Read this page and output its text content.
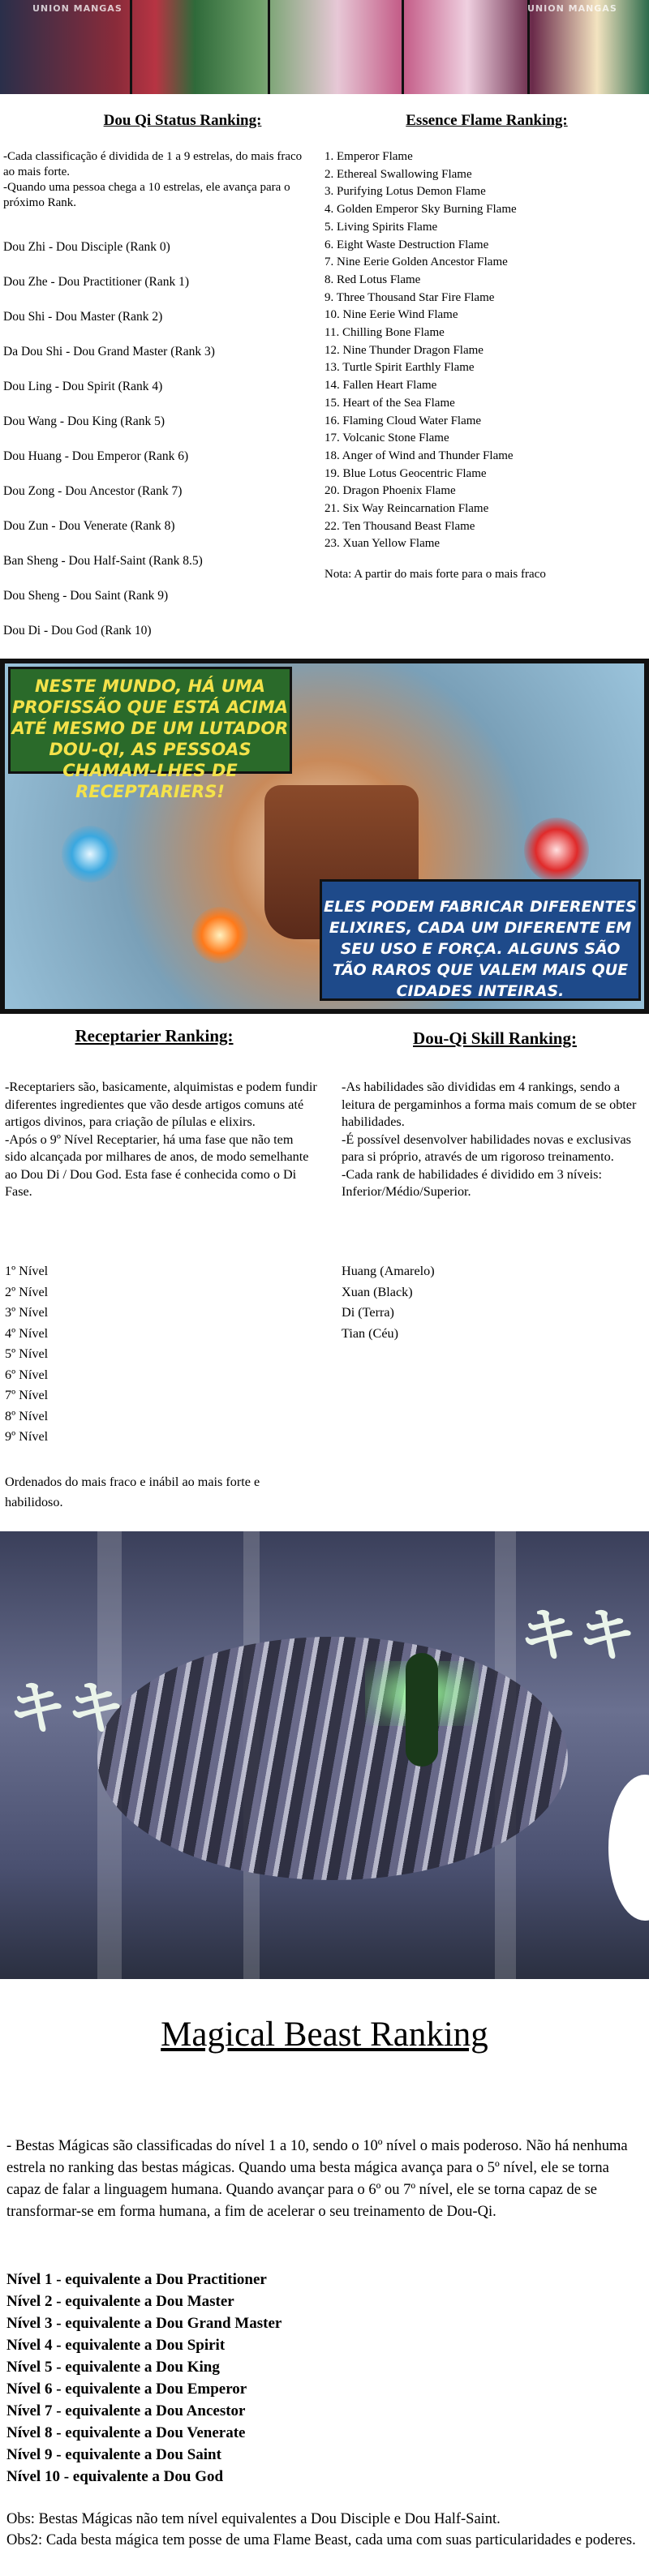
UNION MANGAS	UNION MANGAS
Dou Qi Status Ranking:
-Cada classificação é dividida de 1 a 9 estrelas, do mais fraco ao mais forte.
-Quando uma pessoa chega a 10 estrelas, ele avança para o próximo Rank.
Dou Zhi - Dou Disciple (Rank 0)
Dou Zhe - Dou Practitioner (Rank 1)
Dou Shi - Dou Master (Rank 2)
Da Dou Shi - Dou Grand Master (Rank 3)
Dou Ling - Dou Spirit (Rank 4)
Dou Wang - Dou King (Rank 5)
Dou Huang - Dou Emperor (Rank 6)
Dou Zong - Dou Ancestor (Rank 7)
Dou Zun - Dou Venerate (Rank 8)
Ban Sheng - Dou Half-Saint (Rank 8.5)
Dou Sheng - Dou Saint (Rank 9)
Dou Di - Dou God (Rank 10)
Essence Flame Ranking:
1. Emperor Flame
2. Ethereal Swallowing Flame
3. Purifying Lotus Demon Flame
4. Golden Emperor Sky Burning Flame
5. Living Spirits Flame
6. Eight Waste Destruction Flame
7. Nine Eerie Golden Ancestor Flame
8. Red Lotus Flame
9. Three Thousand Star Fire Flame
10. Nine Eerie Wind Flame
11. Chilling Bone Flame
12. Nine Thunder Dragon Flame
13. Turtle Spirit Earthly Flame
14. Fallen Heart Flame
15. Heart of the Sea Flame
16. Flaming Cloud Water Flame
17. Volcanic Stone Flame
18. Anger of Wind and Thunder Flame
19. Blue Lotus Geocentric Flame
20. Dragon Phoenix Flame
21. Six Way Reincarnation Flame
22. Ten Thousand Beast Flame
23. Xuan Yellow Flame
Nota: A partir do mais forte para o mais fraco
NESTE MUNDO, HÁ UMA PROFISSÃO QUE ESTÁ ACIMA ATÉ MESMO DE UM LUTADOR DOU-QI, AS PESSOAS CHAMAM-LHES DE RECEPTARIERS!
ELES PODEM FABRICAR DIFERENTES ELIXIRES, CADA UM DIFERENTE EM SEU USO E FORÇA. ALGUNS SÃO TÃO RAROS QUE VALEM MAIS QUE CIDADES INTEIRAS.
Receptarier Ranking:
-Receptariers são, basicamente, alquimistas e podem fundir diferentes ingredientes que vão desde artigos comuns até artigos divinos, para criação de pílulas e elixirs.
-Após o 9º Nível Receptarier, há uma fase que não tem sido alcançada por milhares de anos, de modo semelhante ao Dou Di / Dou God. Esta fase é conhecida como o Di Fase.
1º Nível
2º Nível
3º Nível
4º Nível
5º Nível
6º Nível
7º Nível
8º Nível
9º Nível
Ordenados do mais fraco e inábil ao mais forte e habilidoso.
Dou-Qi Skill Ranking:
-As habilidades são divididas em 4 rankings, sendo a leitura de pergaminhos a forma mais comum de se obter habilidades.
-É possível desenvolver habilidades novas e exclusivas para si próprio, através de um rigoroso treinamento.
-Cada rank de habilidades é dividido em 3 níveis: Inferior/Médio/Superior.
Huang (Amarelo)
Xuan (Black)
Di (Terra)
Tian (Céu)
キキ
キキ
Magical Beast Ranking
- Bestas Mágicas são classificadas do nível 1 a 10, sendo o 10º nível o mais poderoso. Não há nenhuma estrela no ranking das bestas mágicas. Quando uma besta mágica avança para o 5º nível, ele se torna capaz de falar a linguagem humana. Quando avançar para o 6º ou 7º nível, ele se torna capaz de se transformar-se em forma humana, a fim de acelerar o seu treinamento de Dou-Qi.
Nível 1 - equivalente a Dou Practitioner
Nível 2 - equivalente a Dou Master
Nível 3 - equivalente a Dou Grand Master
Nível 4 - equivalente a Dou Spirit
Nível 5 - equivalente a Dou King
Nível 6 - equivalente a Dou Emperor
Nível 7 - equivalente a Dou Ancestor
Nível 8 - equivalente a Dou Venerate
Nível 9 - equivalente a Dou Saint
Nível 10 - equivalente a Dou God
Obs: Bestas Mágicas não tem nível equivalentes a Dou Disciple e Dou Half-Saint.
Obs2: Cada besta mágica tem posse de uma Flame Beast, cada uma com suas particularidades e poderes.
